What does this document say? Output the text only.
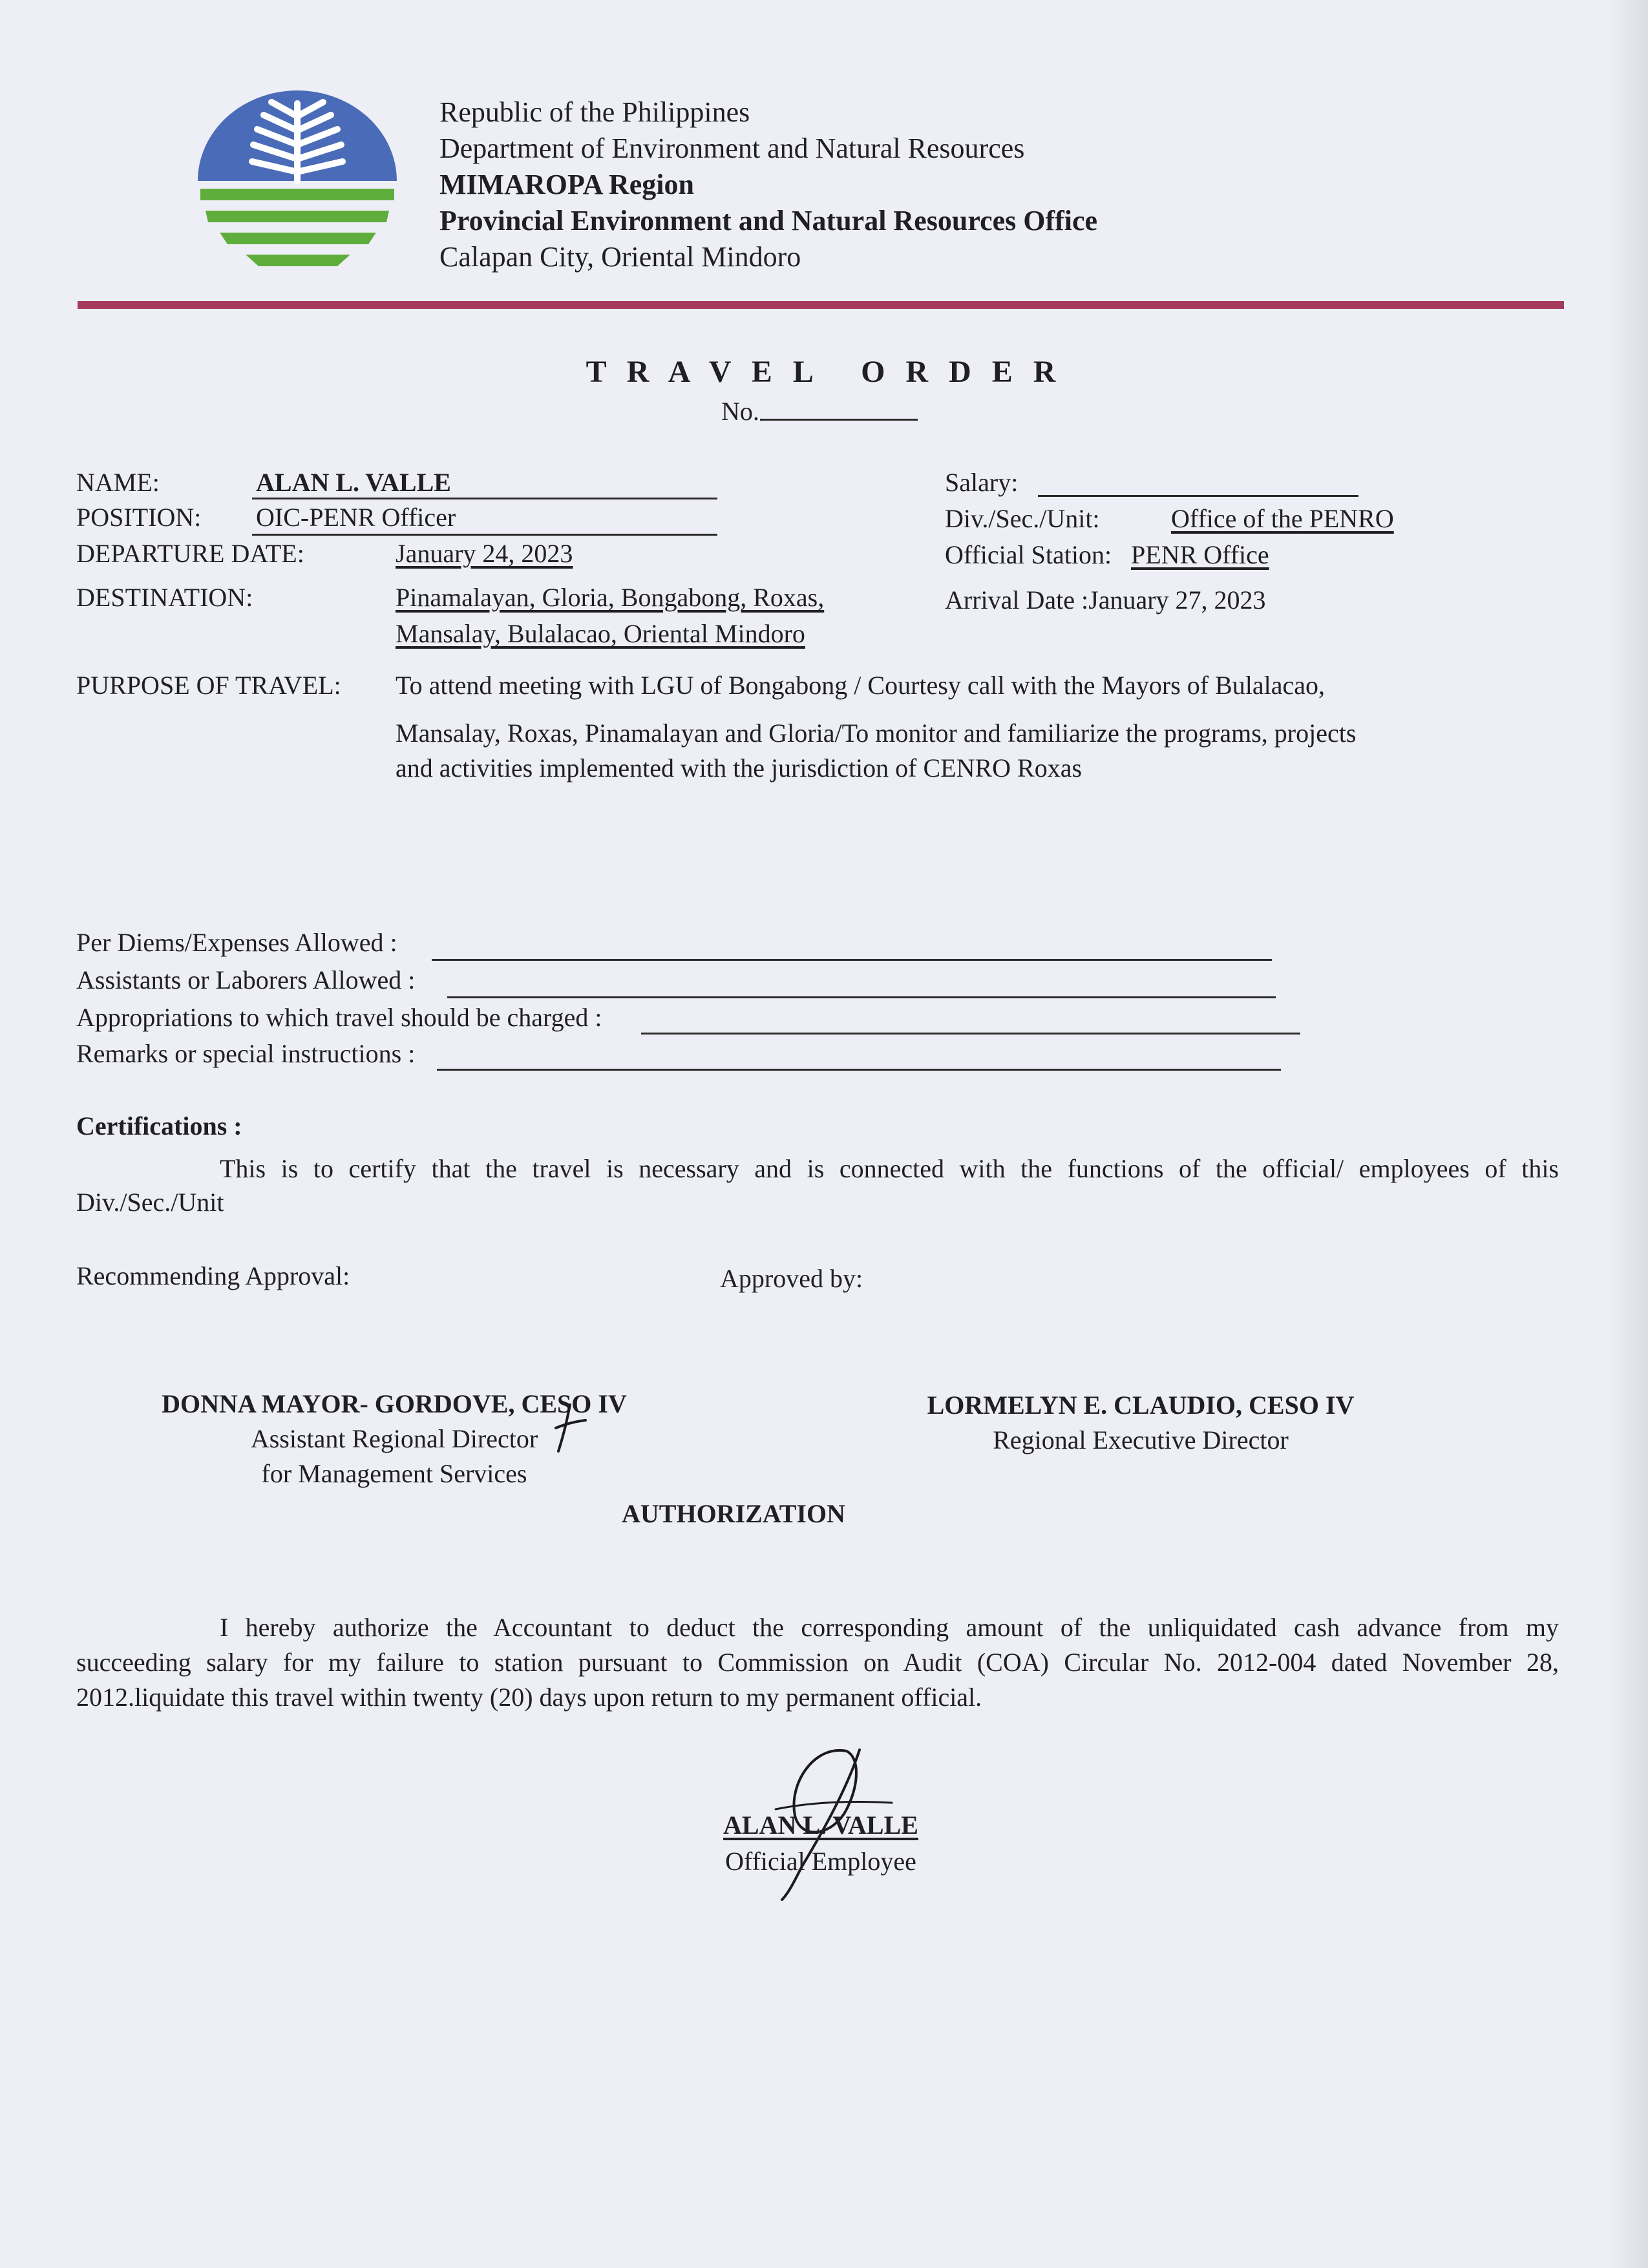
Republic of the Philippines
Department of Environment and Natural Resources
MIMAROPA Region
Provincial Environment and Natural Resources Office
Calapan City, Oriental Mindoro
T R A V E L   O R D E R
No.
NAME:	ALAN L. VALLE
POSITION: OIC-PENR Officer
DEPARTURE DATE:	January 24, 2023
DESTINATION:	Pinamalayan, Gloria, Bongabong, Roxas,
Mansalay, Bulalacao, Oriental Mindoro
Salary:
Div./Sec./Unit:	Office of the PENRO
Official Station: PENR Office
Arrival Date :January 27, 2023
PURPOSE OF TRAVEL: To attend meeting with LGU of Bongabong / Courtesy call with the Mayors of Bulalacao,
Mansalay, Roxas, Pinamalayan and Gloria/To monitor and familiarize the programs, projects
and activities implemented with the jurisdiction of CENRO Roxas
Per Diems/Expenses Allowed :
Assistants or Laborers Allowed :
Appropriations to which travel should be charged :
Remarks or special instructions :
Certifications :
This is to certify that the travel is necessary and is connected with the functions of the official/ employees of this
Div./Sec./Unit
Recommending Approval:	Approved by:
DONNA MAYOR- GORDOVE, CESO IV
Assistant Regional Director
for Management Services
LORMELYN E. CLAUDIO, CESO IV
Regional Executive Director
AUTHORIZATION
I hereby authorize the Accountant to deduct the corresponding amount of the unliquidated cash advance from my
succeeding salary for my failure to station pursuant to Commission on Audit (COA) Circular No. 2012-004 dated November 28,
2012.liquidate this travel within twenty (20) days upon return to my permanent official.
ALAN L. VALLE
Official Employee
